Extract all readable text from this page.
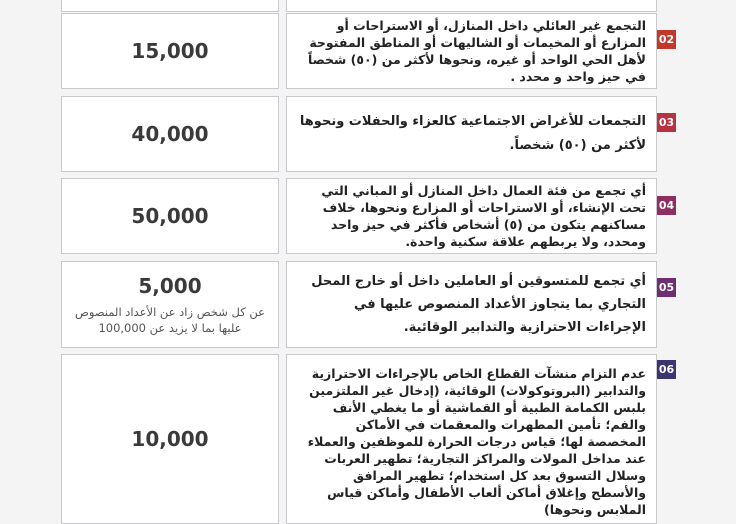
15,000
التجمع غير العائلي داخل المنازل، أو الاستراحات أو المزارع أو المخيمات أو الشاليهات أو المناطق المفتوحة لأهل الحي الواحد أو غيره، ونحوها لأكثر من (٥٠) شخصاً في حيز واحد و محدد .
02
40,000
التجمعات للأغراض الاجتماعية كالعزاء والحفلات ونحوها لأكثر من (٥٠) شخصاً.
03
50,000
أي تجمع من فئة العمال داخل المنازل أو المباني التي تحت الإنشاء، أو الاستراحات أو المزارع ونحوها، خلاف مساكنهم يتكون من (٥) أشخاص فأكثر في حيز واحد ومحدد، ولا يربطهم علاقة سكنية واحدة.
04
5,000
عن كل شخص زاد عن الأعداد المنصوص عليها بما لا يزيد عن 100,000
أي تجمع للمتسوقين أو العاملين داخل أو خارج المحل التجاري بما يتجاوز الأعداد المنصوص عليها في الإجراءات الاحترازية والتدابير الوقائية.
05
10,000
عدم التزام منشآت القطاع الخاص بالإجراءات الاحترازية والتدابير (البروتوكولات) الوقائية، (إدخال غير الملتزمين بلبس الكمامة الطبية أو القماشية أو ما يغطي الأنف والفم؛ تأمين المطهرات والمعقمات في الأماكن المخصصة لها؛ قياس درجات الحرارة للموظفين والعملاء عند مداخل المولات والمراكز التجارية؛ تطهير العربات وسلال التسوق بعد كل استخدام؛ تطهير المرافق والأسطح وإغلاق أماكن ألعاب الأطفال وأماكن قياس الملابس ونحوها)
06
